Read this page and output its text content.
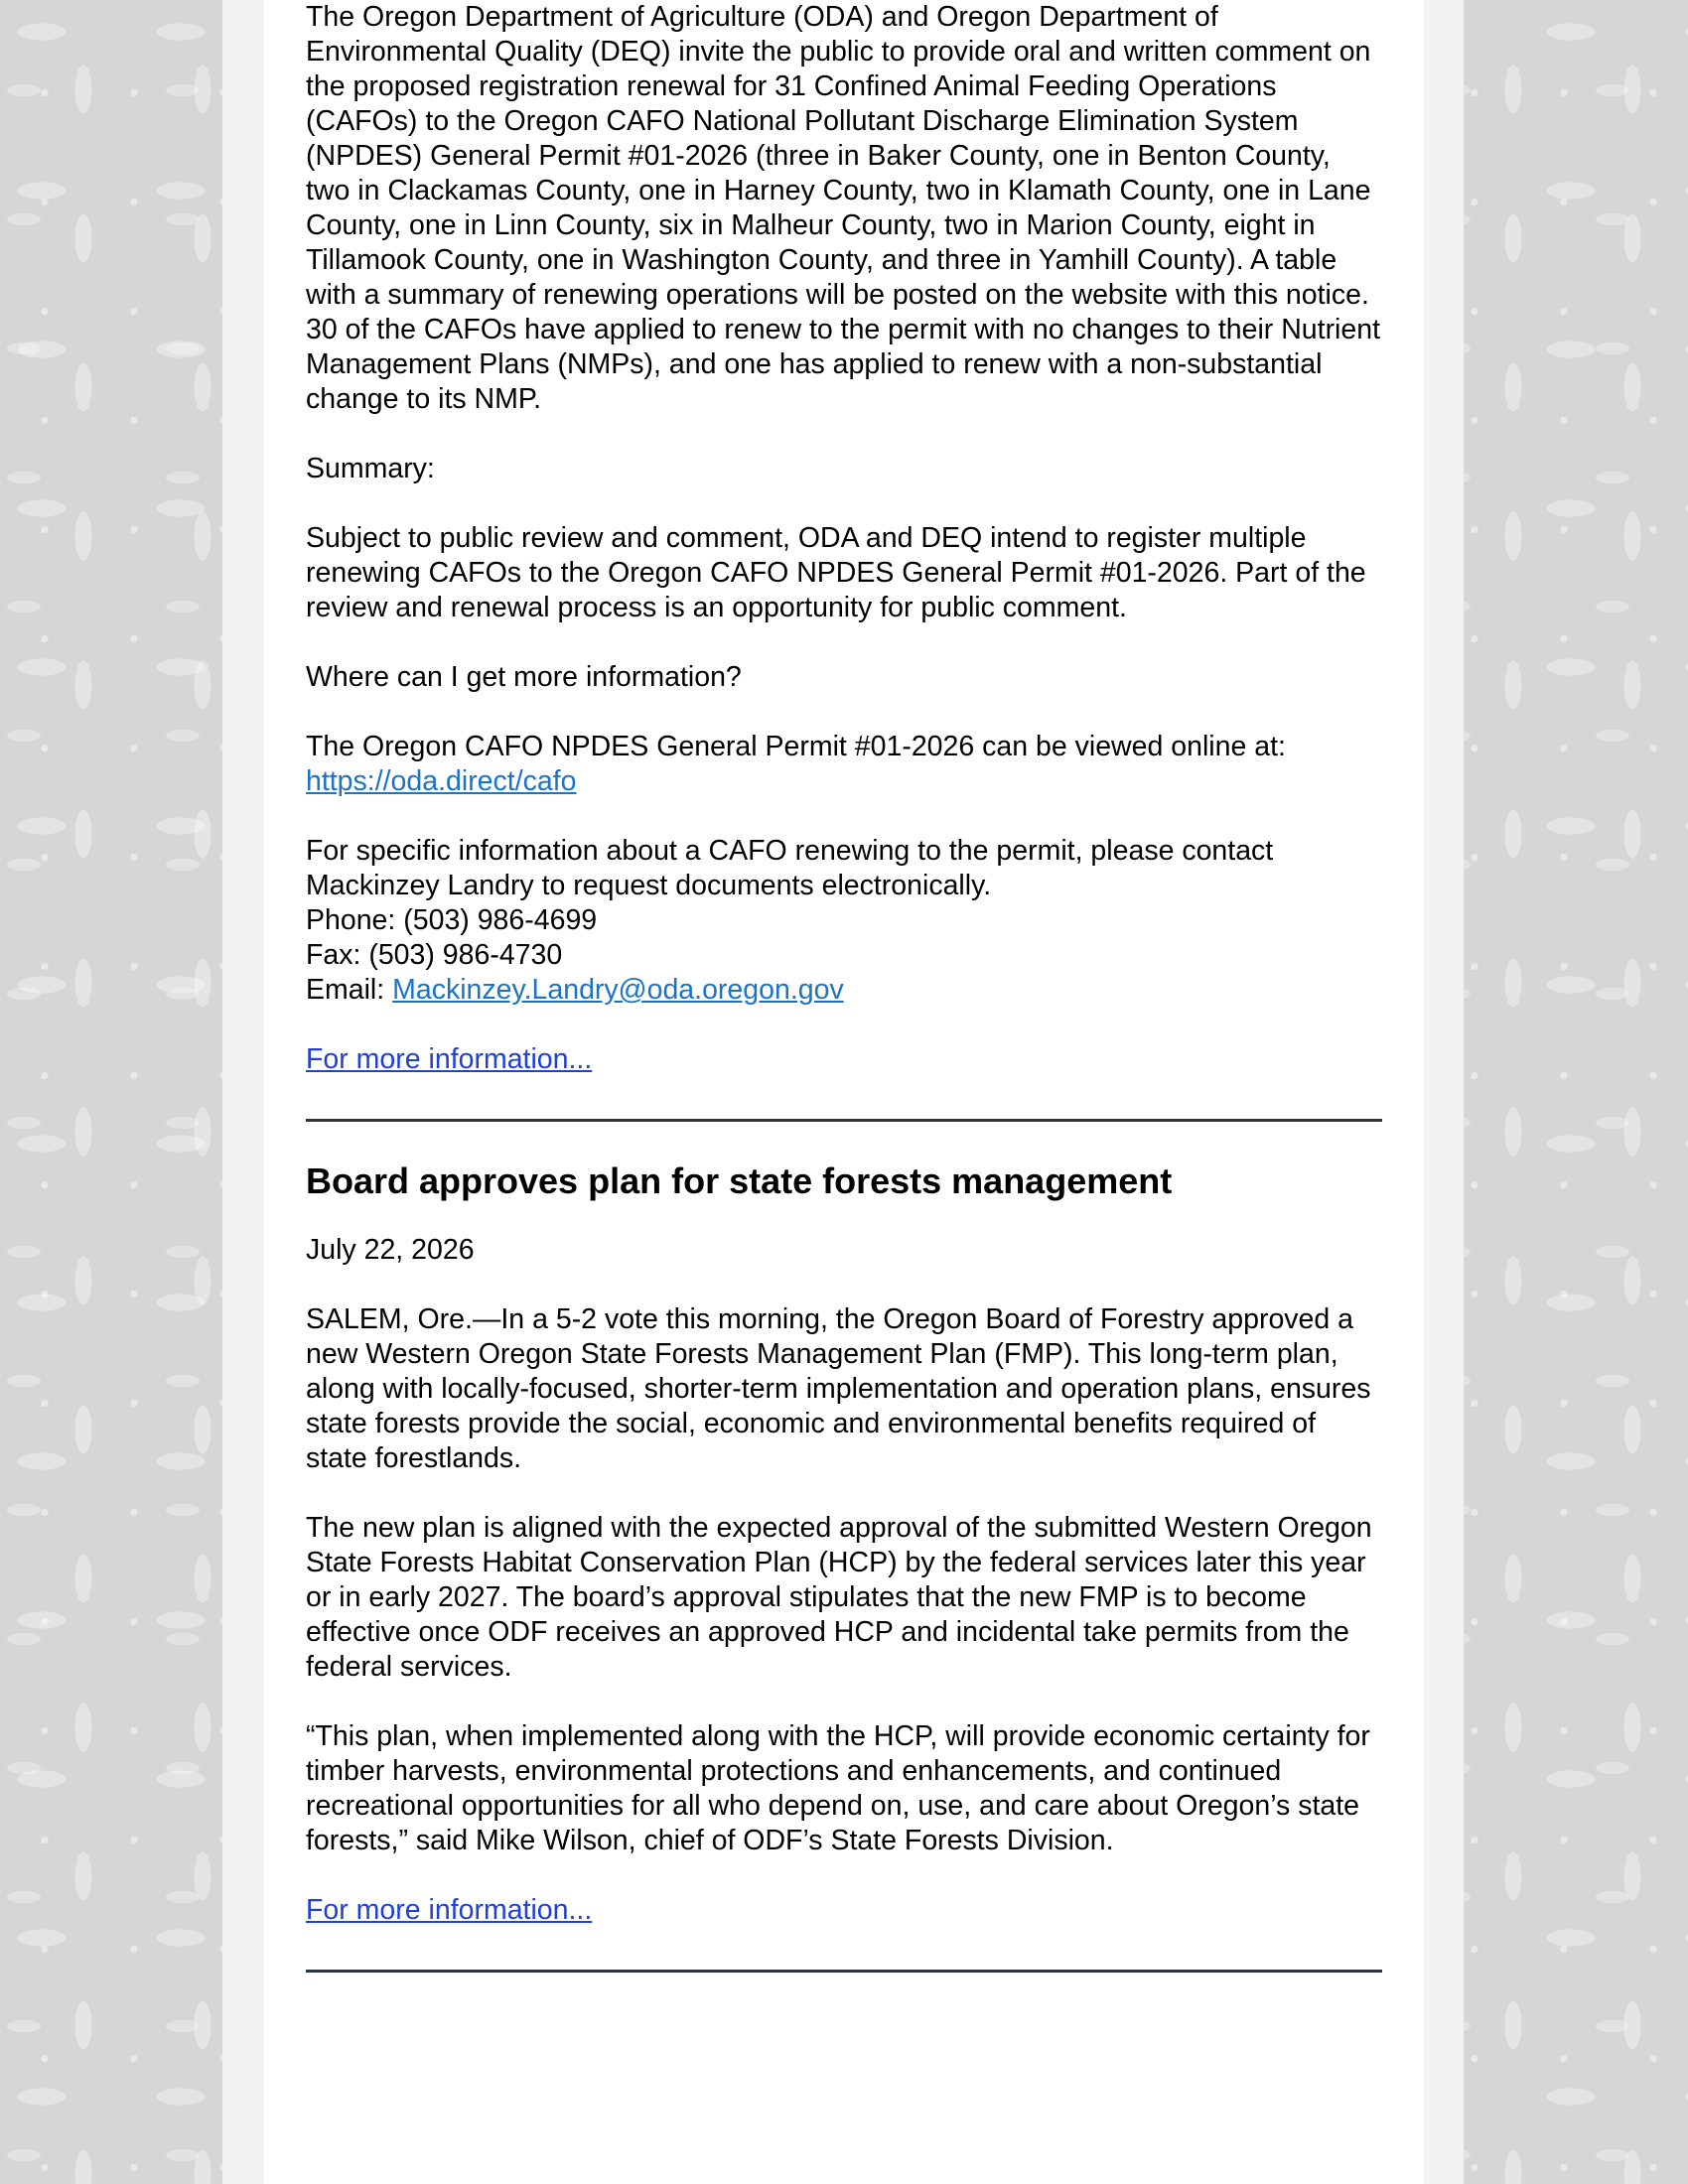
The Oregon Department of Agriculture (ODA) and Oregon Department of Environmental Quality (DEQ) invite the public to provide oral and written comment on the proposed registration renewal for 31 Confined Animal Feeding Operations (CAFOs) to the Oregon CAFO National Pollutant Discharge Elimination System (NPDES) General Permit #01-2026 (three in Baker County, one in Benton County, two in Clackamas County, one in Harney County, two in Klamath County, one in Lane County, one in Linn County, six in Malheur County, two in Marion County, eight in Tillamook County, one in Washington County, and three in Yamhill County). A table with a summary of renewing operations will be posted on the website with this notice. 30 of the CAFOs have applied to renew to the permit with no changes to their Nutrient Management Plans (NMPs), and one has applied to renew with a non-substantial change to its NMP.

Summary:

Subject to public review and comment, ODA and DEQ intend to register multiple renewing CAFOs to the Oregon CAFO NPDES General Permit #01-2026. Part of the review and renewal process is an opportunity for public comment.

Where can I get more information?

The Oregon CAFO NPDES General Permit #01-2026 can be viewed online at:
https://oda.direct/cafo

For specific information about a CAFO renewing to the permit, please contact Mackinzey Landry to request documents electronically.
Phone: (503) 986-4699
Fax: (503) 986-4730
Email: Mackinzey.Landry@oda.oregon.gov

For more information...

Board approves plan for state forests management

July 22, 2026

SALEM, Ore.—In a 5-2 vote this morning, the Oregon Board of Forestry approved a new Western Oregon State Forests Management Plan (FMP). This long-term plan, along with locally-focused, shorter-term implementation and operation plans, ensures state forests provide the social, economic and environmental benefits required of state forestlands.

The new plan is aligned with the expected approval of the submitted Western Oregon State Forests Habitat Conservation Plan (HCP) by the federal services later this year or in early 2027. The board’s approval stipulates that the new FMP is to become effective once ODF receives an approved HCP and incidental take permits from the federal services.

“This plan, when implemented along with the HCP, will provide economic certainty for timber harvests, environmental protections and enhancements, and continued recreational opportunities for all who depend on, use, and care about Oregon’s state forests,” said Mike Wilson, chief of ODF’s State Forests Division.

For more information...
